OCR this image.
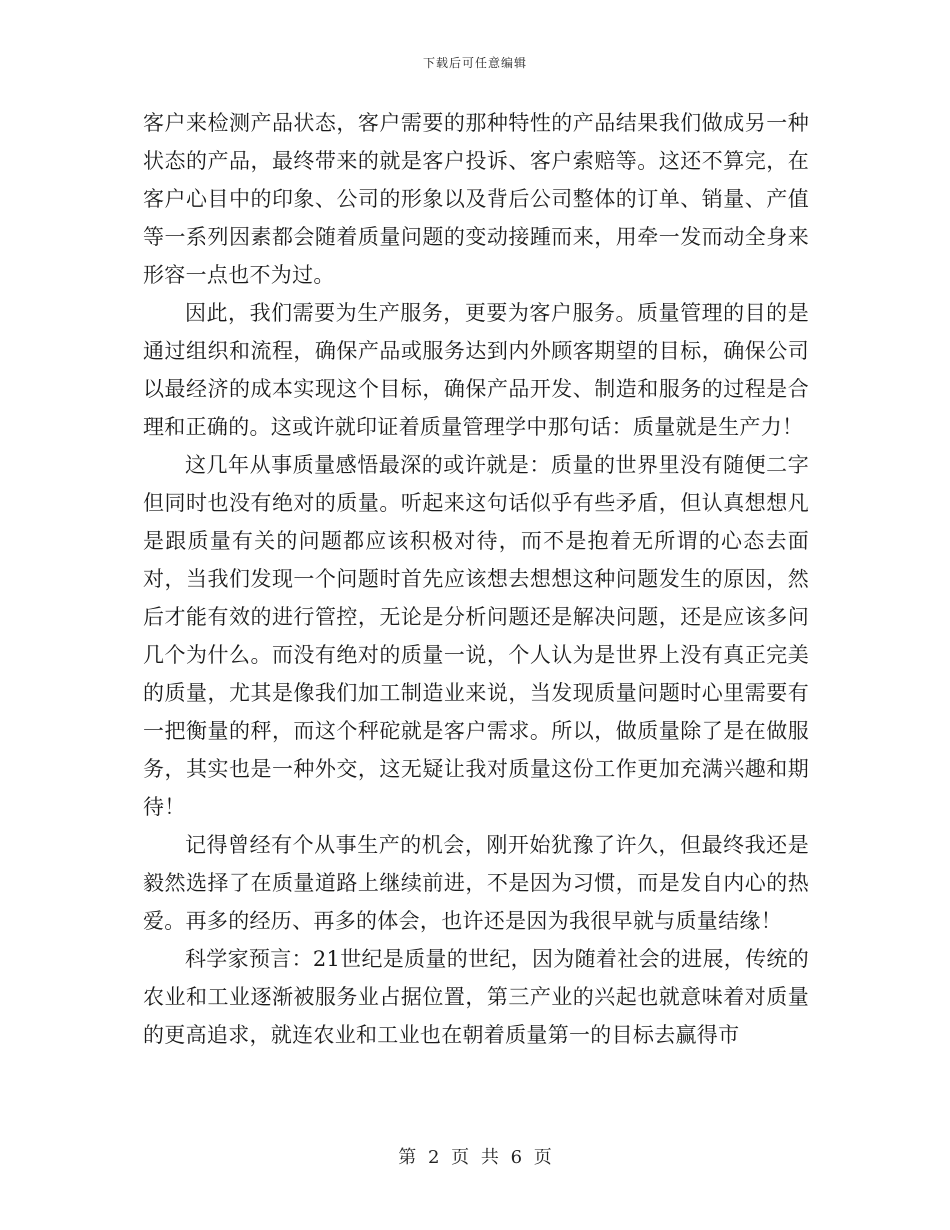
下载后可任意编辑

客户来检测产品状态，客户需要的那种特性的产品结果我们做成另一种状态的产品，最终带来的就是客户投诉、客户索赔等。这还不算完，在客户心目中的印象、公司的形象以及背后公司整体的订单、销量、产值等一系列因素都会随着质量问题的变动接踵而来，用牵一发而动全身来形容一点也不为过。

因此，我们需要为生产服务，更要为客户服务。质量管理的目的是通过组织和流程，确保产品或服务达到内外顾客期望的目标，确保公司以最经济的成本实现这个目标，确保产品开发、制造和服务的过程是合理和正确的。这或许就印证着质量管理学中那句话：质量就是生产力！

这几年从事质量感悟最深的或许就是：质量的世界里没有随便二字但同时也没有绝对的质量。听起来这句话似乎有些矛盾，但认真想想凡是跟质量有关的问题都应该积极对待，而不是抱着无所谓的心态去面对，当我们发现一个问题时首先应该想去想想这种问题发生的原因，然后才能有效的进行管控，无论是分析问题还是解决问题，还是应该多问几个为什么。而没有绝对的质量一说，个人认为是世界上没有真正完美的质量，尤其是像我们加工制造业来说，当发现质量问题时心里需要有一把衡量的秤，而这个秤砣就是客户需求。所以，做质量除了是在做服务，其实也是一种外交，这无疑让我对质量这份工作更加充满兴趣和期待！

记得曾经有个从事生产的机会，刚开始犹豫了许久，但最终我还是毅然选择了在质量道路上继续前进，不是因为习惯，而是发自内心的热爱。再多的经历、再多的体会，也许还是因为我很早就与质量结缘！

科学家预言：21世纪是质量的世纪，因为随着社会的进展，传统的农业和工业逐渐被服务业占据位置，第三产业的兴起也就意味着对质量的更高追求，就连农业和工业也在朝着质量第一的目标去赢得市

第 2 页 共 6 页
